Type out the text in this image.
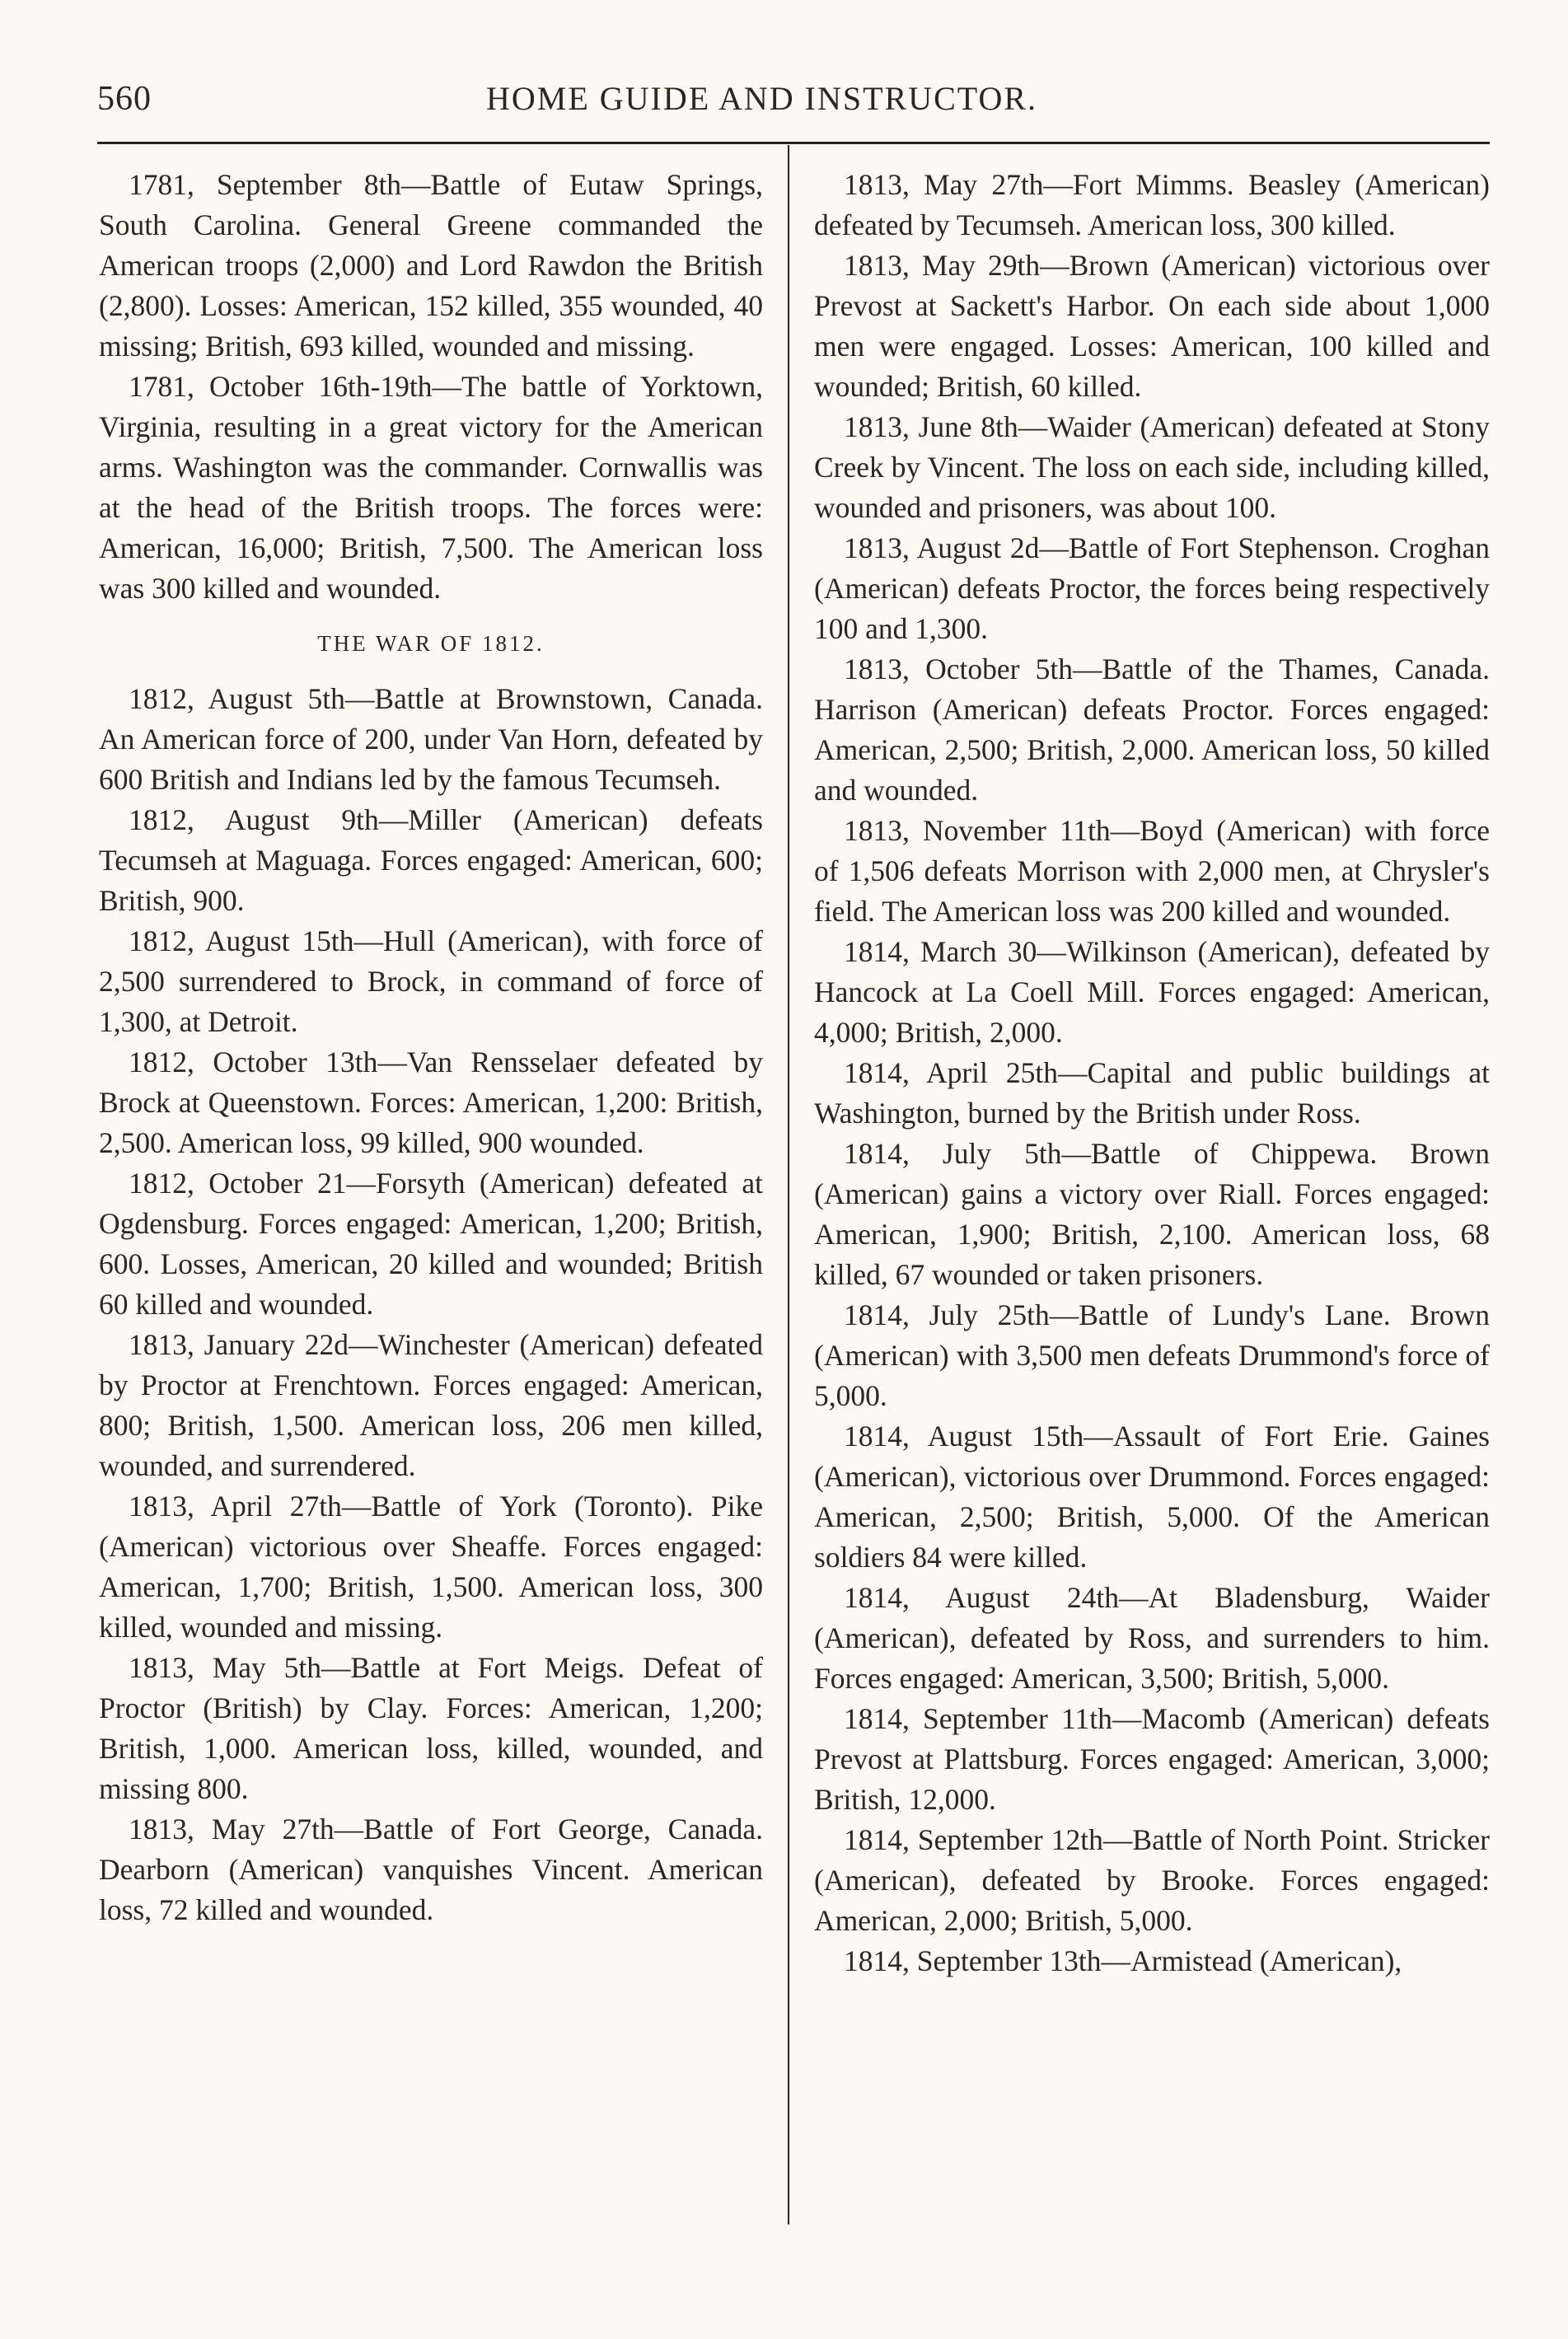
560	HOME GUIDE AND INSTRUCTOR.

1781, September 8th—Battle of Eutaw Springs, South Carolina. General Greene commanded the American troops (2,000) and Lord Rawdon the British (2,800). Losses: American, 152 killed, 355 wounded, 40 missing; British, 693 killed, wounded and missing.

1781, October 16th-19th—The battle of Yorktown, Virginia, resulting in a great victory for the American arms. Washington was the commander. Cornwallis was at the head of the British troops. The forces were: American, 16,000; British, 7,500. The American loss was 300 killed and wounded.

THE WAR OF 1812.

1812, August 5th—Battle at Brownstown, Canada. An American force of 200, under Van Horn, defeated by 600 British and Indians led by the famous Tecumseh.

1812, August 9th—Miller (American) defeats Tecumseh at Maguaga. Forces engaged: American, 600; British, 900.

1812, August 15th—Hull (American), with force of 2,500 surrendered to Brock, in command of force of 1,300, at Detroit.

1812, October 13th—Van Rensselaer defeated by Brock at Queenstown. Forces: American, 1,200: British, 2,500. American loss, 99 killed, 900 wounded.

1812, October 21—Forsyth (American) defeated at Ogdensburg. Forces engaged: American, 1,200; British, 600. Losses, American, 20 killed and wounded; British 60 killed and wounded.

1813, January 22d—Winchester (American) defeated by Proctor at Frenchtown. Forces engaged: American, 800; British, 1,500. American loss, 206 men killed, wounded, and surrendered.

1813, April 27th—Battle of York (Toronto). Pike (American) victorious over Sheaffe. Forces engaged: American, 1,700; British, 1,500. American loss, 300 killed, wounded and missing.

1813, May 5th—Battle at Fort Meigs. Defeat of Proctor (British) by Clay. Forces: American, 1,200; British, 1,000. American loss, killed, wounded, and missing 800.

1813, May 27th—Battle of Fort George, Canada. Dearborn (American) vanquishes Vincent. American loss, 72 killed and wounded.

1813, May 27th—Fort Mimms. Beasley (American) defeated by Tecumseh. American loss, 300 killed.

1813, May 29th—Brown (American) victorious over Prevost at Sackett's Harbor. On each side about 1,000 men were engaged. Losses: American, 100 killed and wounded; British, 60 killed.

1813, June 8th—Waider (American) defeated at Stony Creek by Vincent. The loss on each side, including killed, wounded and prisoners, was about 100.

1813, August 2d—Battle of Fort Stephenson. Croghan (American) defeats Proctor, the forces being respectively 100 and 1,300.

1813, October 5th—Battle of the Thames, Canada. Harrison (American) defeats Proctor. Forces engaged: American, 2,500; British, 2,000. American loss, 50 killed and wounded.

1813, November 11th—Boyd (American) with force of 1,506 defeats Morrison with 2,000 men, at Chrysler's field. The American loss was 200 killed and wounded.

1814, March 30—Wilkinson (American), defeated by Hancock at La Coell Mill. Forces engaged: American, 4,000; British, 2,000.

1814, April 25th—Capital and public buildings at Washington, burned by the British under Ross.

1814, July 5th—Battle of Chippewa. Brown (American) gains a victory over Riall. Forces engaged: American, 1,900; British, 2,100. American loss, 68 killed, 67 wounded or taken prisoners.

1814, July 25th—Battle of Lundy's Lane. Brown (American) with 3,500 men defeats Drummond's force of 5,000.

1814, August 15th—Assault of Fort Erie. Gaines (American), victorious over Drummond. Forces engaged: American, 2,500; British, 5,000. Of the American soldiers 84 were killed.

1814, August 24th—At Bladensburg, Waider (American), defeated by Ross, and surrenders to him. Forces engaged: American, 3,500; British, 5,000.

1814, September 11th—Macomb (American) defeats Prevost at Plattsburg. Forces engaged: American, 3,000; British, 12,000.

1814, September 12th—Battle of North Point. Stricker (American), defeated by Brooke. Forces engaged: American, 2,000; British, 5,000.

1814, September 13th—Armistead (American),
